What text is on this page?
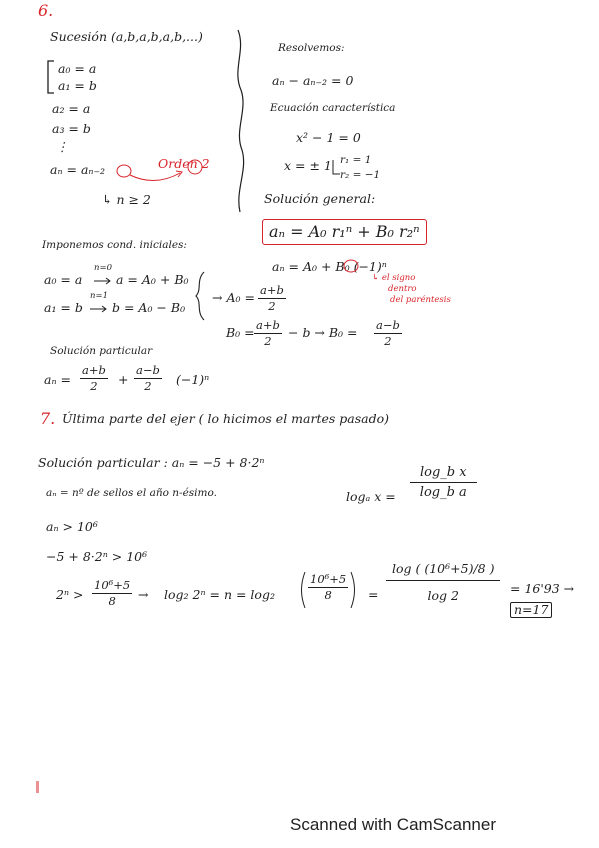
6.
Sucesión (a,b,a,b,a,b,...)
a₀ = a
a₁ = b
a₂ = a
a₃ = b
⋮
aₙ = aₙ₋₂	Orden 2
↳ n ≥ 2
Resolvemos:
aₙ − aₙ₋₂ = 0
Ecuación característica
x² − 1 = 0
x = ± 1 r₁ = 1
r₂ = −1
Solución general:
aₙ = A₀ r₁ⁿ + B₀ r₂ⁿ
aₙ = A₀ + B₀ (−1)ⁿ
↳ el signo
dentro
del paréntesis
Imponemos cond. iniciales:
a₀ = a
n=0
a = A₀ + B₀
a₁ = b
n=1
b = A₀ − B₀
→ $A_0 = \frac{a+b}{2}$
$B_0 = \frac{a+b}{2} - b \to B_0 = \frac{a-b}{2}$
Solución particular
$a_n = \frac{a+b}{2} + \frac{a-b}{2} (-1)^n$
7. Última parte del ejer ( lo hicimos el martes pasado)
Solución particular : aₙ = −5 + 8·2ⁿ
aₙ = nº de sellos el año n-ésimo.	logₐ $x = \frac{\text{log\_b x}}{\text{log\_b a}}$
aₙ > 10⁶
−5 + 8·2ⁿ > 10⁶
$2^n > \frac{\text{10⁶+5}}{8} \to \log_2$ 2ⁿ = n = log₂	$\frac{\text{10⁶+5}}{8} = \frac{\text{log ( (10⁶+5)/8 )}}{\log 2} = 16'93$ →
n=17
Scanned with CamScanner
